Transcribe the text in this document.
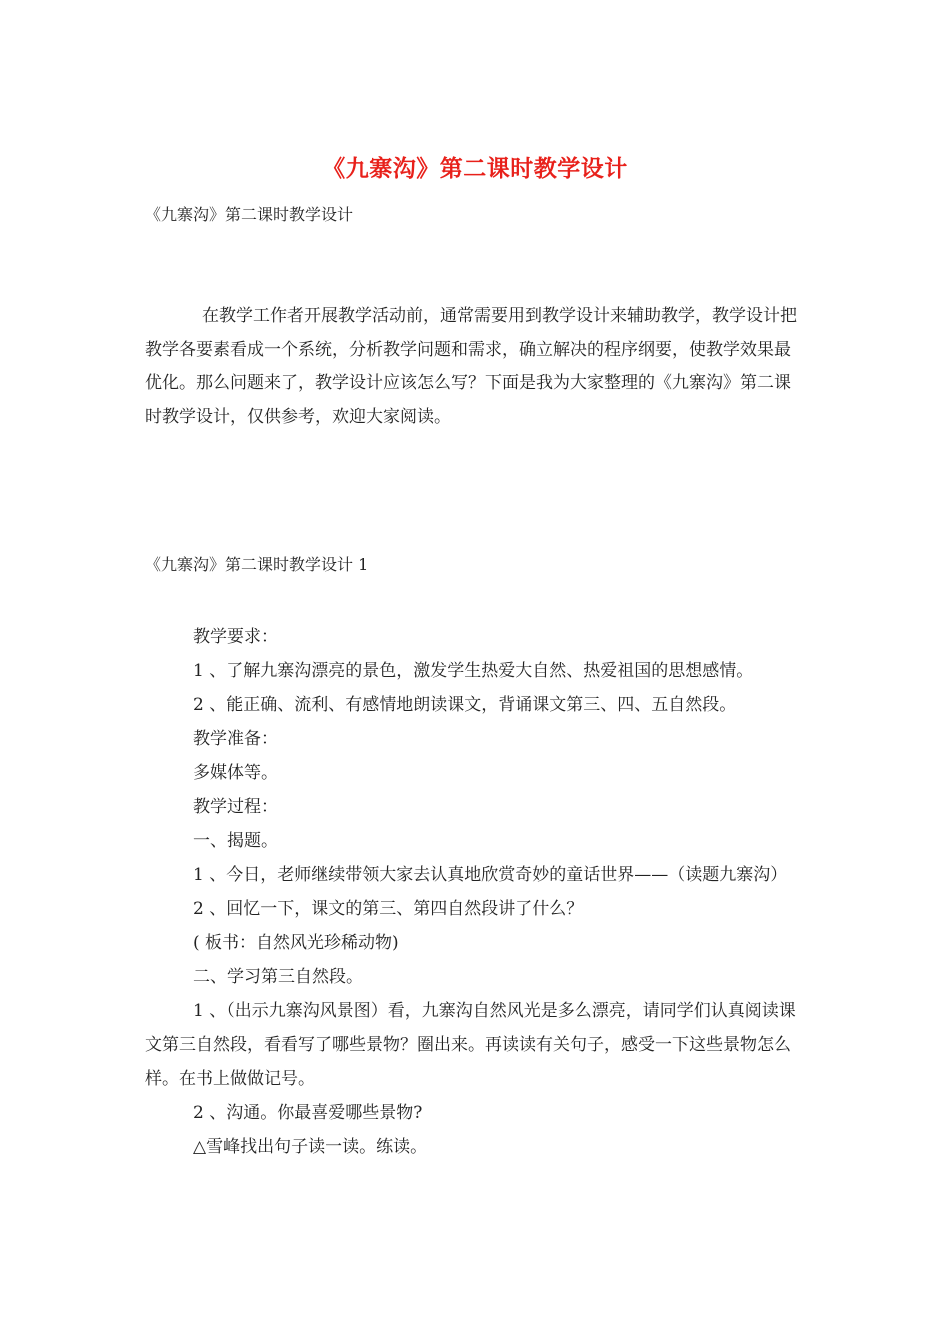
《九寨沟》第二课时教学设计
《九寨沟》第二课时教学设计
在教学工作者开展教学活动前，通常需要用到教学设计来辅助教学，教学设计把教学各要素看成一个系统，分析教学问题和需求，确立解决的程序纲要，使教学效果最优化。那么问题来了，教学设计应该怎么写？下面是我为大家整理的《九寨沟》第二课时教学设计，仅供参考，欢迎大家阅读。
《九寨沟》第二课时教学设计 1

教学要求：

1 、了解九寨沟漂亮的景色，激发学生热爱大自然、热爱祖国的思想感情。

2 、能正确、流利、有感情地朗读课文，背诵课文第三、四、五自然段。

教学准备：

多媒体等。

教学过程：

一、揭题。

1 、今日，老师继续带领大家去认真地欣赏奇妙的童话世界——（读题九寨沟）

2 、回忆一下，课文的第三、第四自然段讲了什么？

( 板书：自然风光珍稀动物)

二、学习第三自然段。

1 、（出示九寨沟风景图）看，九寨沟自然风光是多么漂亮，请同学们认真阅读课文第三自然段，看看写了哪些景物？圈出来。再读读有关句子，感受一下这些景物怎么样。在书上做做记号。

2 、沟通。你最喜爱哪些景物?

△雪峰找出句子读一读。练读。
